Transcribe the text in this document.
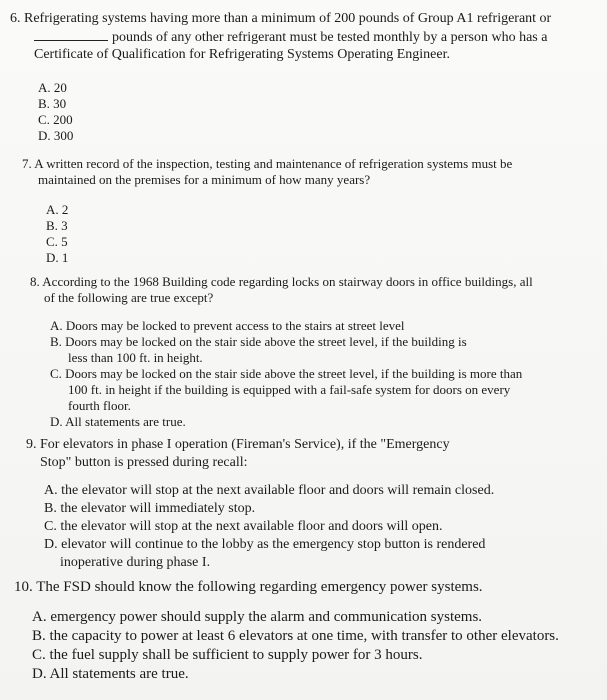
6. Refrigerating systems having more than a minimum of 200 pounds of Group A1 refrigerant or
pounds of any other refrigerant must be tested monthly by a person who has a
Certificate of Qualification for Refrigerating Systems Operating Engineer.
A. 20
B. 30
C. 200
D. 300
7. A written record of the inspection, testing and maintenance of refrigeration systems must be
maintained on the premises for a minimum of how many years?
A. 2
B. 3
C. 5
D. 1
8. According to the 1968 Building code regarding locks on stairway doors in office buildings, all
of the following are true except?
A. Doors may be locked to prevent access to the stairs at street level
B. Doors may be locked on the stair side above the street level, if the building is
less than 100 ft. in height.
C. Doors may be locked on the stair side above the street level, if the building is more than
100 ft. in height if the building is equipped with a fail-safe system for doors on every
fourth floor.
D. All statements are true.
9. For elevators in phase I operation (Fireman's Service), if the "Emergency
Stop" button is pressed during recall:
A. the elevator will stop at the next available floor and doors will remain closed.
B. the elevator will immediately stop.
C. the elevator will stop at the next available floor and doors will open.
D. elevator will continue to the lobby as the emergency stop button is rendered
inoperative during phase I.
10. The FSD should know the following regarding emergency power systems.
A. emergency power should supply the alarm and communication systems.
B. the capacity to power at least 6 elevators at one time, with transfer to other elevators.
C. the fuel supply shall be sufficient to supply power for 3 hours.
D. All statements are true.
